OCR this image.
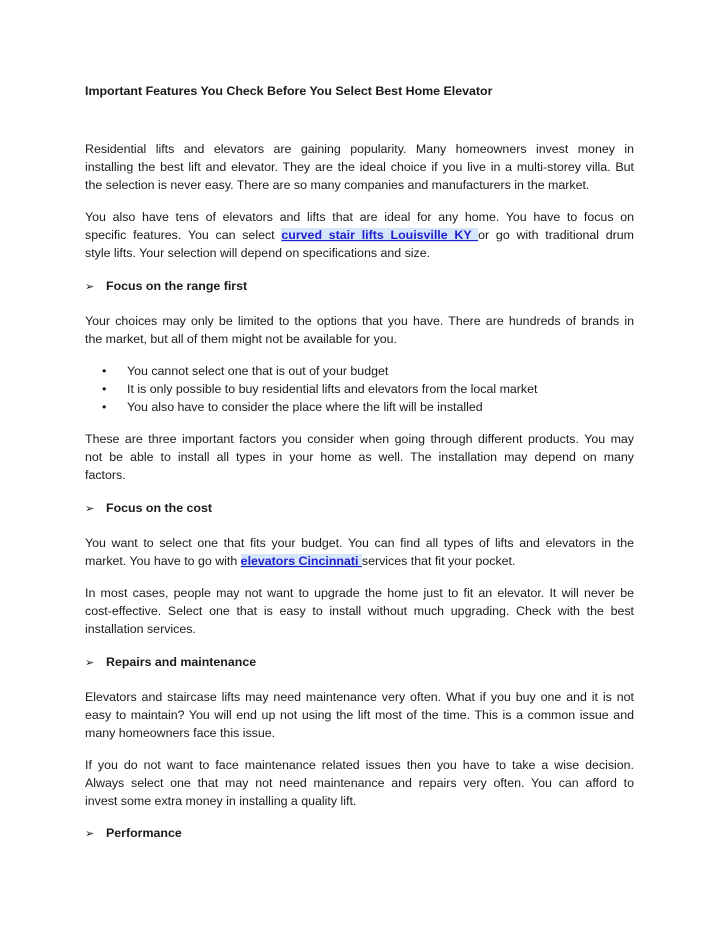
Important Features You Check Before You Select Best Home Elevator
Residential lifts and elevators are gaining popularity. Many homeowners invest money in
installing the best lift and elevator. They are the ideal choice if you live in a multi-storey villa. But
the selection is never easy. There are so many companies and manufacturers in the market.
You also have tens of elevators and lifts that are ideal for any home. You have to focus on
specific features. You can select curved stair lifts Louisville KY or go with traditional drum
style lifts. Your selection will depend on specifications and size.
➢ Focus on the range first
Your choices may only be limited to the options that you have. There are hundreds of brands in
the market, but all of them might not be available for you.
• You cannot select one that is out of your budget
• It is only possible to buy residential lifts and elevators from the local market
• You also have to consider the place where the lift will be installed
These are three important factors you consider when going through different products. You may
not be able to install all types in your home as well. The installation may depend on many
factors.
➢ Focus on the cost
You want to select one that fits your budget. You can find all types of lifts and elevators in the
market. You have to go with elevators Cincinnati services that fit your pocket.
In most cases, people may not want to upgrade the home just to fit an elevator. It will never be
cost-effective. Select one that is easy to install without much upgrading. Check with the best
installation services.
➢ Repairs and maintenance
Elevators and staircase lifts may need maintenance very often. What if you buy one and it is not
easy to maintain? You will end up not using the lift most of the time. This is a common issue and
many homeowners face this issue.
If you do not want to face maintenance related issues then you have to take a wise decision.
Always select one that may not need maintenance and repairs very often. You can afford to
invest some extra money in installing a quality lift.
➢ Performance
